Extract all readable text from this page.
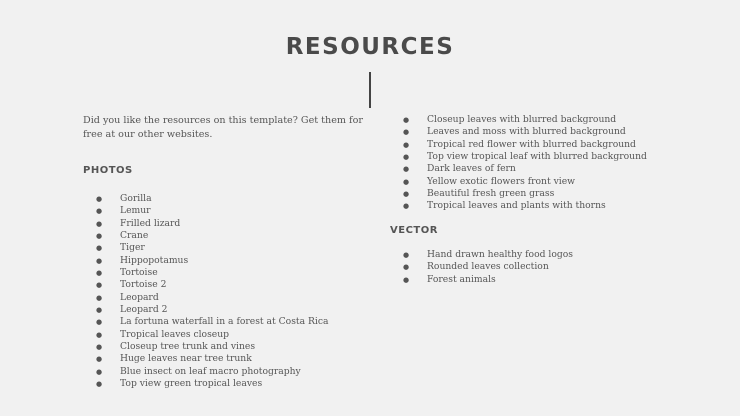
RESOURCES

Did you like the resources on this template? Get them for free at our other websites.

PHOTOS
● Gorilla
● Lemur
● Frilled lizard
● Crane
● Tiger
● Hippopotamus
● Tortoise
● Tortoise 2
● Leopard
● Leopard 2
● La fortuna waterfall in a forest at Costa Rica
● Tropical leaves closeup
● Closeup tree trunk and vines
● Huge leaves near tree trunk
● Blue insect on leaf macro photography
● Top view green tropical leaves
● Closeup leaves with blurred background
● Leaves and moss with blurred background
● Tropical red flower with blurred background
● Top view tropical leaf with blurred background
● Dark leaves of fern
● Yellow exotic flowers front view
● Beautiful fresh green grass
● Tropical leaves and plants with thorns
VECTOR
● Hand drawn healthy food logos
● Rounded leaves collection
● Forest animals
